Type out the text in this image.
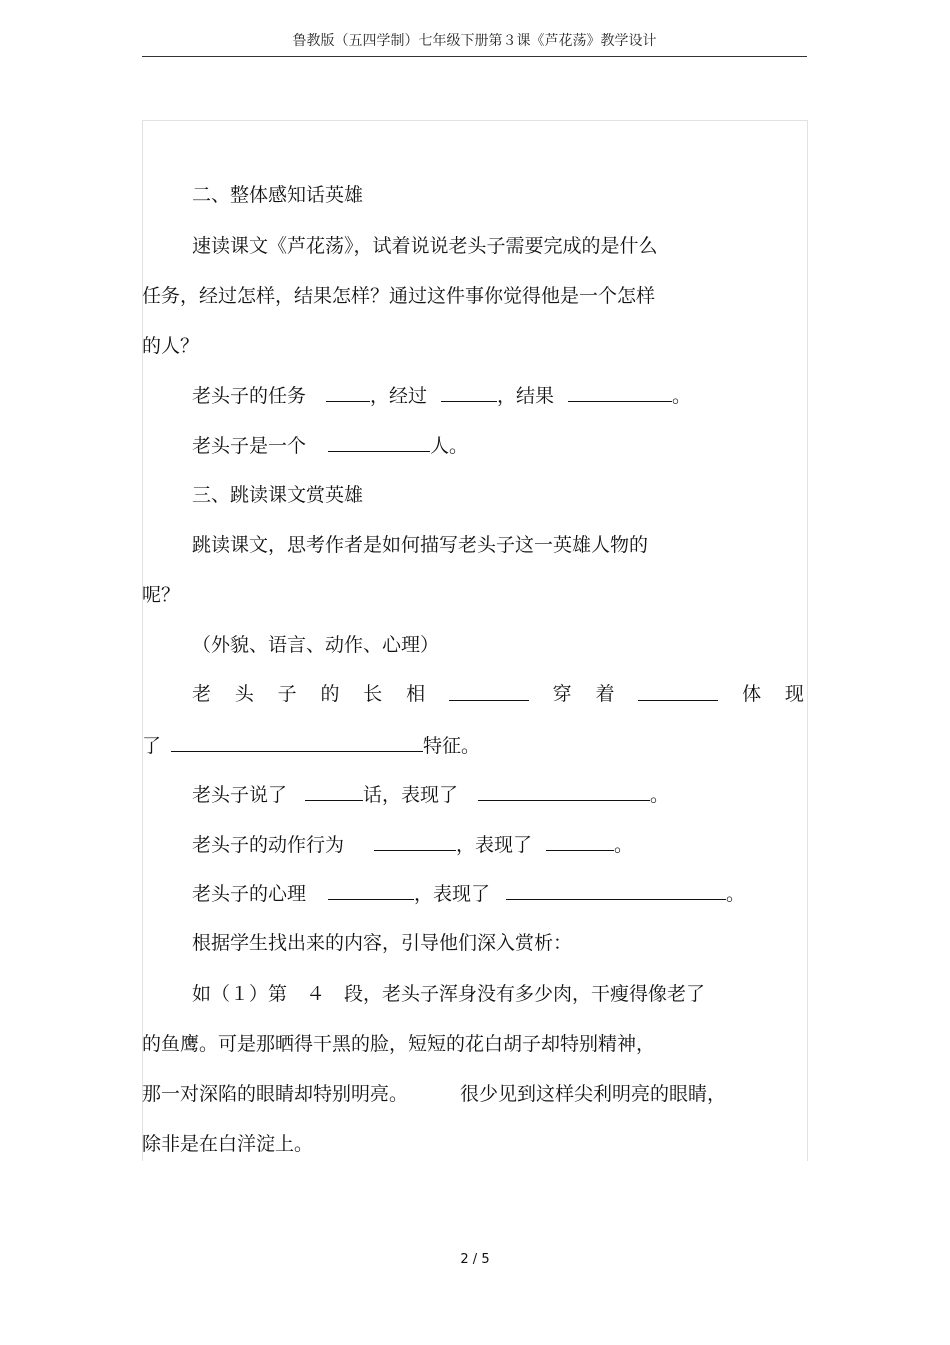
鲁教版（五四学制）七年级下册第３课《芦花荡》教学设计
二、整体感知话英雄
速读课文《芦花荡》，试着说说老头子需要完成的是什么
任务，经过怎样，结果怎样？通过这件事你觉得他是一个怎样
的人？
老头子的任务	，经过	，结果	。
老头子是一个	人。
三、跳读课文赏英雄
跳读课文，思考作者是如何描写老头子这一英雄人物的
呢？
（外貌、语言、动作、心理）
老 头 子 的 长 相	穿 着	体 现
了	特征。
老头子说了	话，表现了	。
老头子的动作行为	，表现了	。
老头子的心理	，表现了	。
根据学生找出来的内容，引导他们深入赏析：
如（１）第　４　段，老头子浑身没有多少肉，干瘦得像老了
的鱼鹰。可是那晒得干黑的脸，短短的花白胡子却特别精神，
那一对深陷的眼睛却特别明亮。	很少见到这样尖利明亮的眼睛，
除非是在白洋淀上。
2 / 5
